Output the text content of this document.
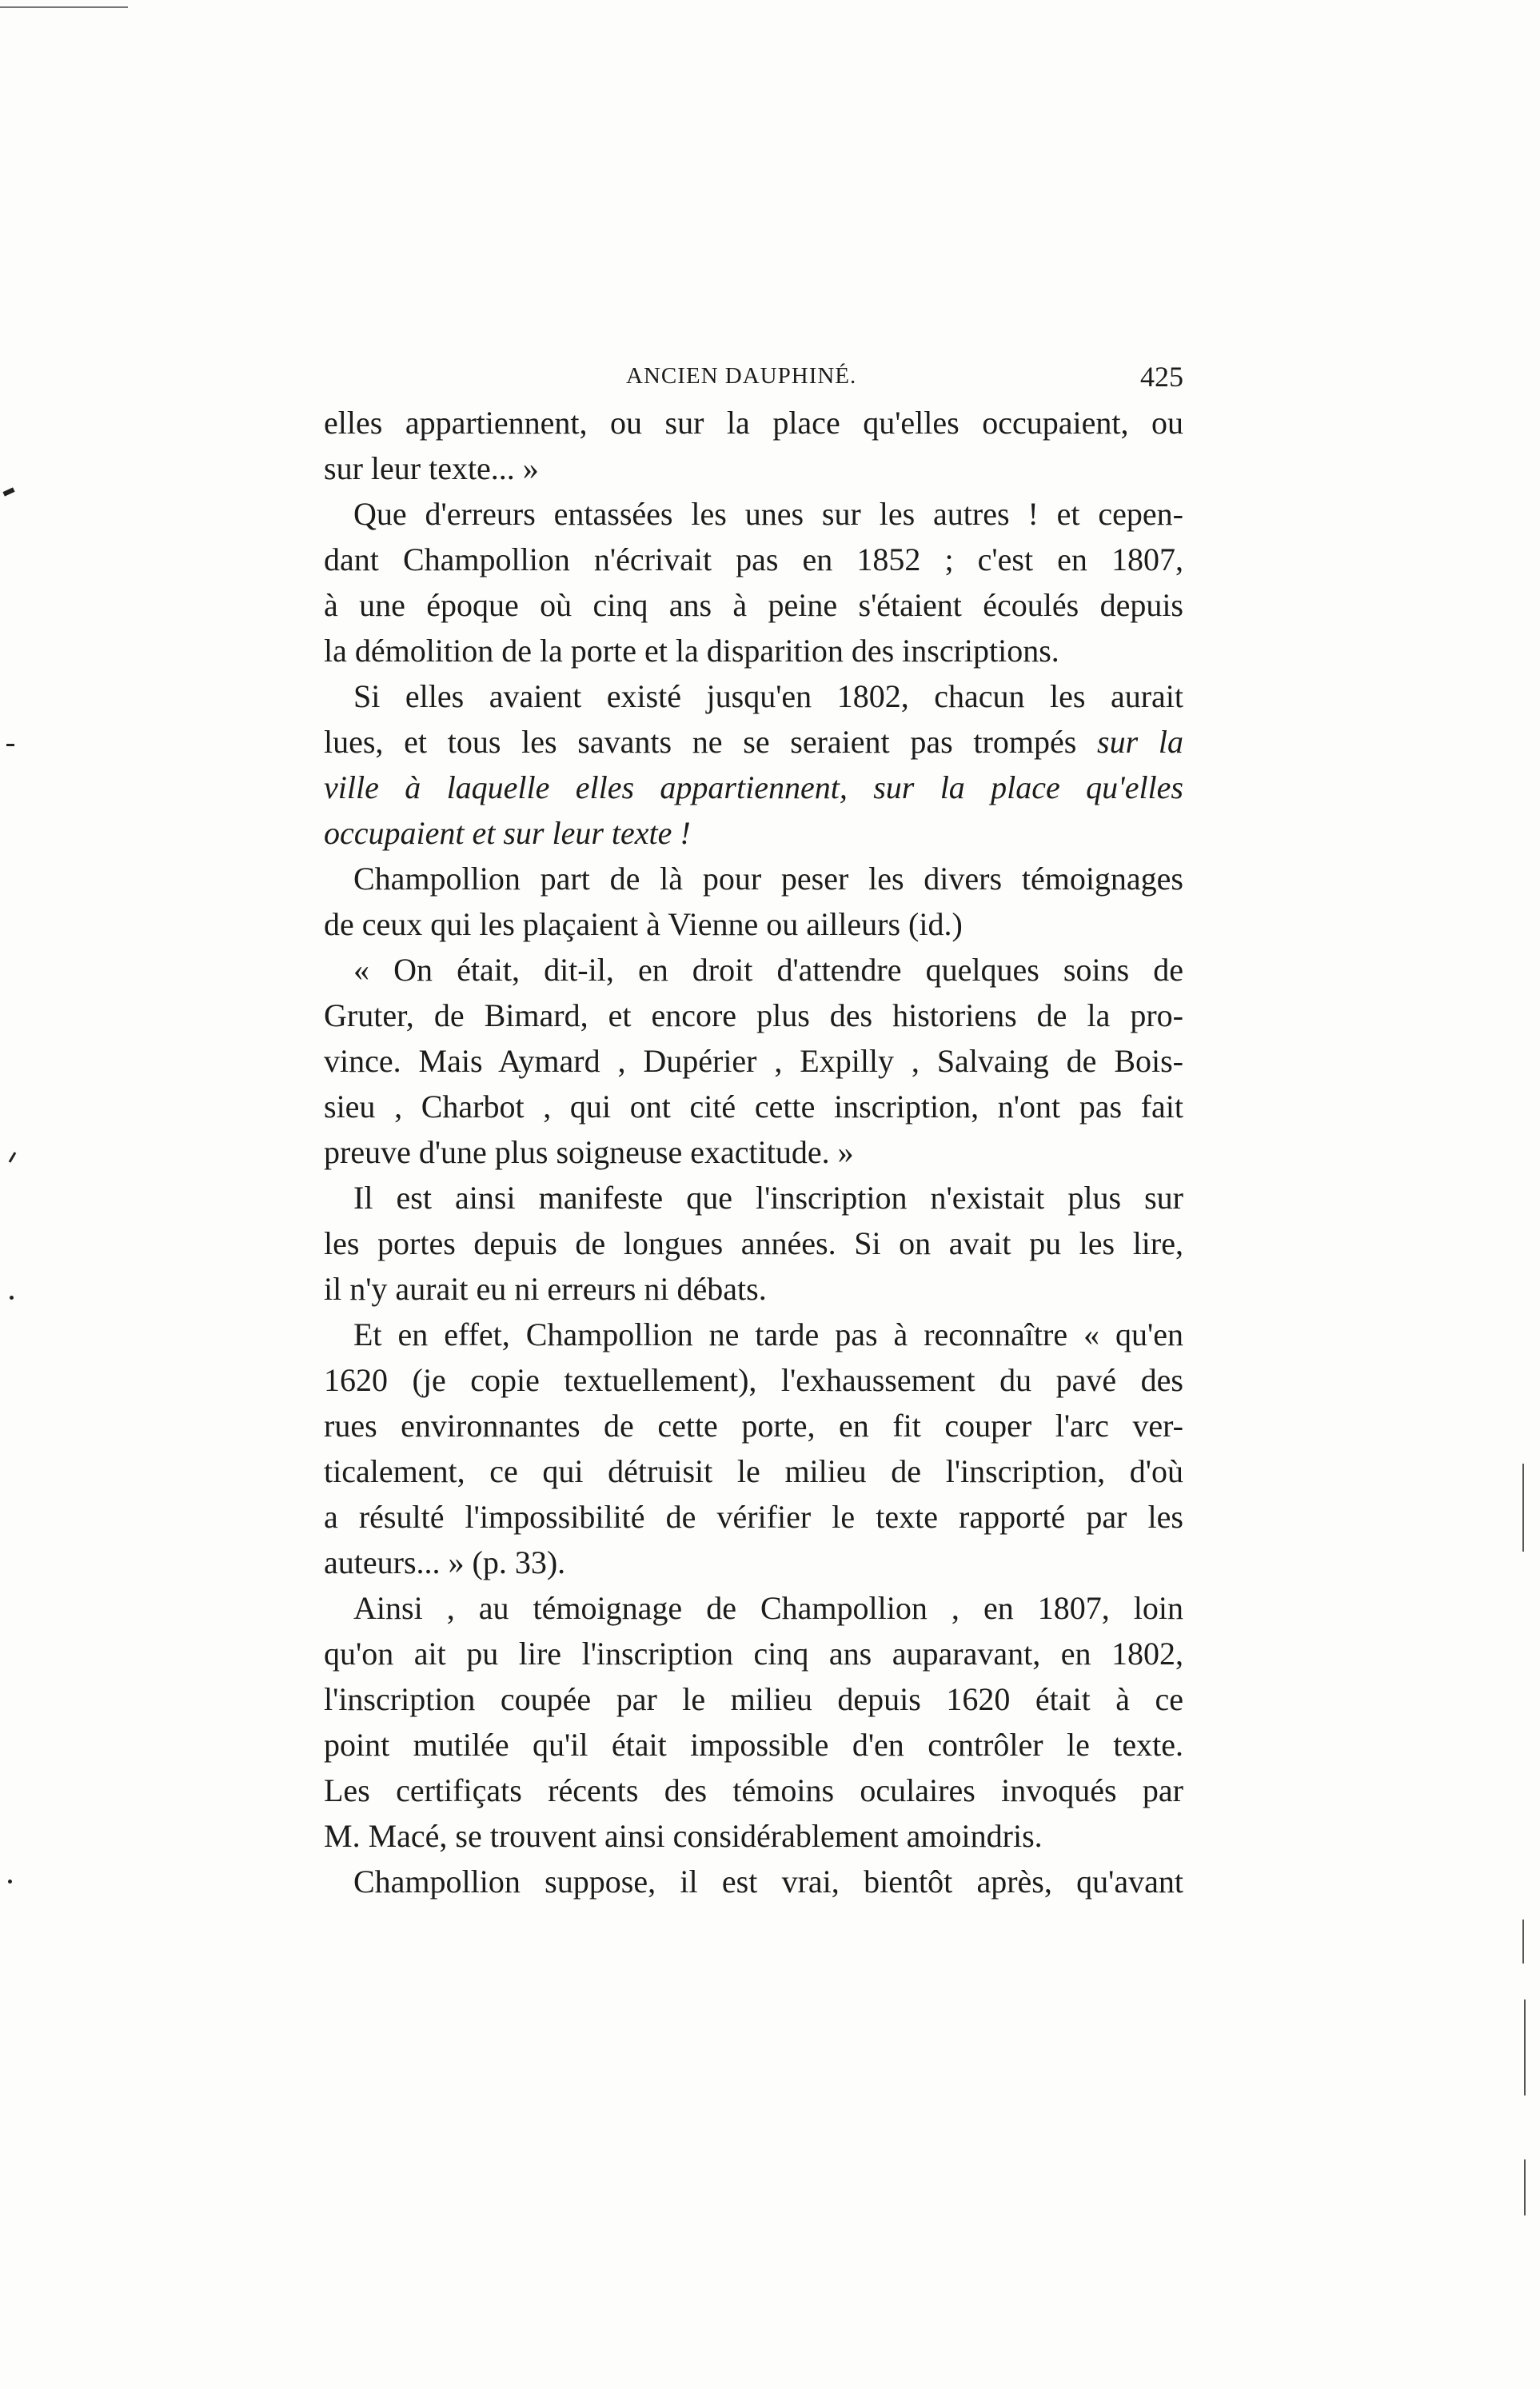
ANCIEN DAUPHINÉ.	425
elles appartiennent, ou sur la place qu'elles occupaient, ou
sur leur texte... »
Que d'erreurs entassées les unes sur les autres ! et cepen-
dant Champollion n'écrivait pas en 1852 ; c'est en 1807,
à une époque où cinq ans à peine s'étaient écoulés depuis
la démolition de la porte et la disparition des inscriptions.
Si elles avaient existé jusqu'en 1802, chacun les aurait
lues, et tous les savants ne se seraient pas trompés sur la
ville à laquelle elles appartiennent, sur la place qu'elles
occupaient et sur leur texte !
Champollion part de là pour peser les divers témoignages
de ceux qui les plaçaient à Vienne ou ailleurs (id.)
« On était, dit-il, en droit d'attendre quelques soins de
Gruter, de Bimard, et encore plus des historiens de la pro-
vince. Mais Aymard , Dupérier , Expilly , Salvaing de Bois-
sieu , Charbot , qui ont cité cette inscription, n'ont pas fait
preuve d'une plus soigneuse exactitude. »
Il est ainsi manifeste que l'inscription n'existait plus sur
les portes depuis de longues années. Si on avait pu les lire,
il n'y aurait eu ni erreurs ni débats.
Et en effet, Champollion ne tarde pas à reconnaître « qu'en
1620 (je copie textuellement), l'exhaussement du pavé des
rues environnantes de cette porte, en fit couper l'arc ver-
ticalement, ce qui détruisit le milieu de l'inscription, d'où
a résulté l'impossibilité de vérifier le texte rapporté par les
auteurs... » (p. 33).
Ainsi , au témoignage de Champollion , en 1807, loin
qu'on ait pu lire l'inscription cinq ans auparavant, en 1802,
l'inscription coupée par le milieu depuis 1620 était à ce
point mutilée qu'il était impossible d'en contrôler le texte.
Les certifiçats récents des témoins oculaires invoqués par
M. Macé, se trouvent ainsi considérablement amoindris.
Champollion suppose, il est vrai, bientôt après, qu'avant
